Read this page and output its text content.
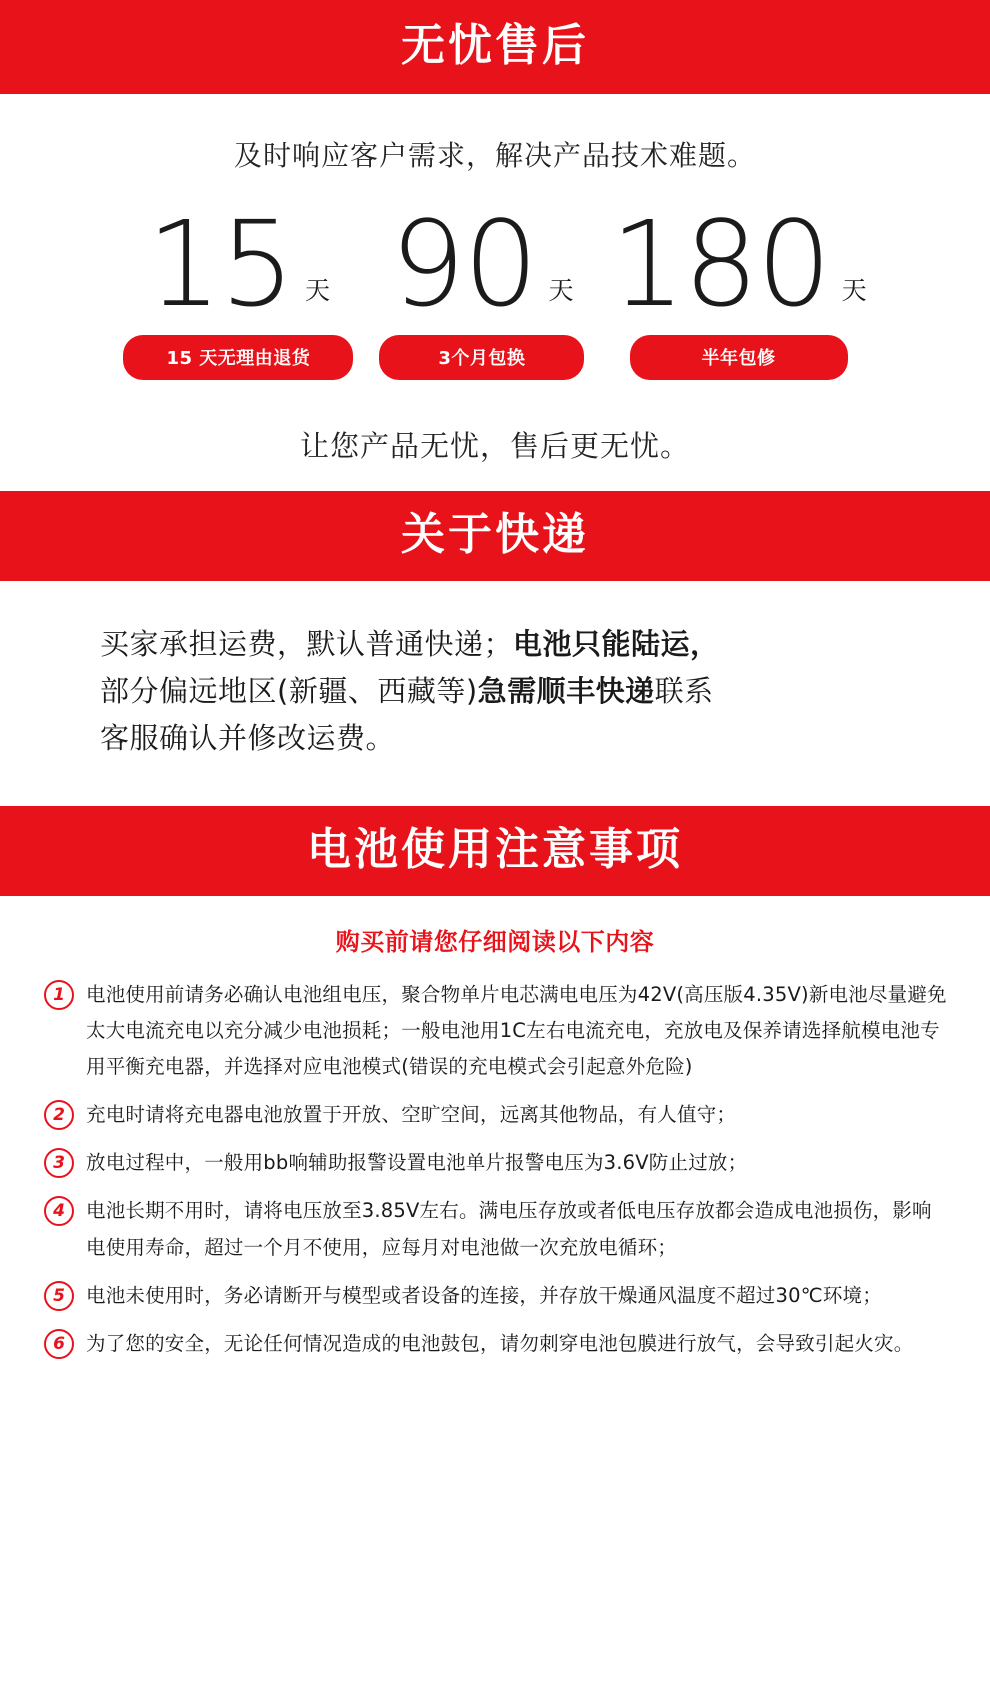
无忧售后
及时响应客户需求，解决产品技术难题。
15 天
15 天无理由退货
90 天
3个月包换
180 天
半年包修
让您产品无忧，售后更无忧。
关于快递

买家承担运费，默认普通快递；电池只能陆运，
部分偏远地区(新疆、西藏等)急需顺丰快递联系
客服确认并修改运费。

电池使用注意事项
购买前请您仔细阅读以下内容
1	电池使用前请务必确认电池组电压，聚合物单片电芯满电电压为42V(高压版4.35V)新电池尽量避免太大电流充电以充分减少电池损耗；一般电池用1C左右电流充电，充放电及保养请选择航模电池专用平衡充电器，并选择对应电池模式(错误的充电模式会引起意外危险)
2	充电时请将充电器电池放置于开放、空旷空间，远离其他物品，有人值守；
3	放电过程中，一般用bb响辅助报警设置电池单片报警电压为3.6V防止过放；
4	电池长期不用时，请将电压放至3.85V左右。满电压存放或者低电压存放都会造成电池损伤，影响电使用寿命，超过一个月不使用，应每月对电池做一次充放电循环；
5	电池未使用时，务必请断开与模型或者设备的连接，并存放干燥通风温度不超过30℃环境；
6	为了您的安全，无论任何情况造成的电池鼓包，请勿刺穿电池包膜进行放气，会导致引起火灾。
